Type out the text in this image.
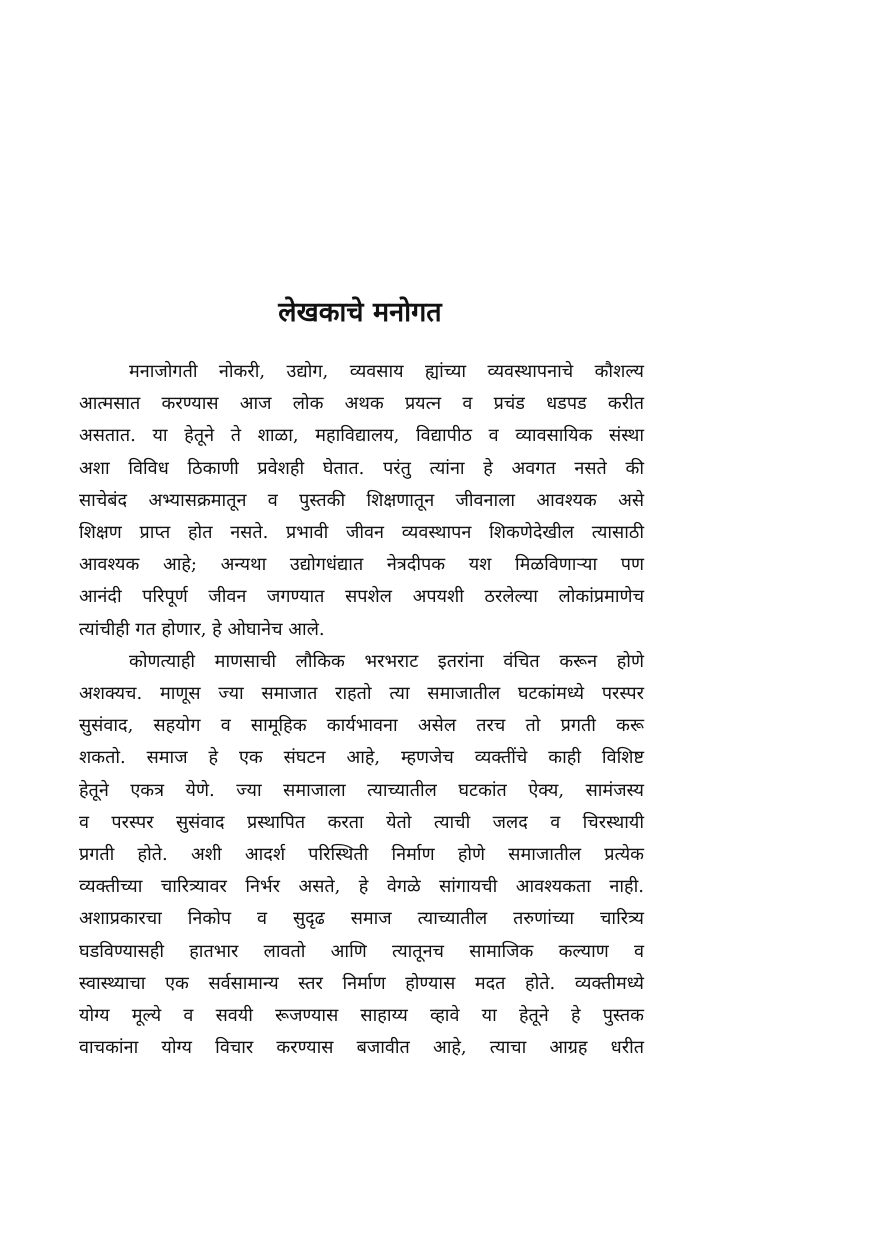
लेखकाचे मनोगत
मनाजोगती नोकरी, उद्योग, व्यवसाय ह्यांच्या व्यवस्थापनाचे कौशल्य
आत्मसात करण्यास आज लोक अथक प्रयत्न व प्रचंड धडपड करीत
असतात. या हेतूने ते शाळा, महाविद्यालय, विद्यापीठ व व्यावसायिक संस्था
अशा विविध ठिकाणी प्रवेशही घेतात. परंतु त्यांना हे अवगत नसते की
साचेबंद अभ्यासक्रमातून व पुस्तकी शिक्षणातून जीवनाला आवश्यक असे
शिक्षण प्राप्त होत नसते. प्रभावी जीवन व्यवस्थापन शिकणेदेखील त्यासाठी
आवश्यक आहे; अन्यथा उद्योगधंद्यात नेत्रदीपक यश मिळविणाऱ्या पण
आनंदी परिपूर्ण जीवन जगण्यात सपशेल अपयशी ठरलेल्या लोकांप्रमाणेच
त्यांचीही गत होणार, हे ओघानेच आले.
कोणत्याही माणसाची लौकिक भरभराट इतरांना वंचित करून होणे
अशक्यच. माणूस ज्या समाजात राहतो त्या समाजातील घटकांमध्ये परस्पर
सुसंवाद, सहयोग व सामूहिक कार्यभावना असेल तरच तो प्रगती करू
शकतो. समाज हे एक संघटन आहे, म्हणजेच व्यक्तींचे काही विशिष्ट
हेतूने एकत्र येणे. ज्या समाजाला त्याच्यातील घटकांत ऐक्य, सामंजस्य
व परस्पर सुसंवाद प्रस्थापित करता येतो त्याची जलद व चिरस्थायी
प्रगती होते. अशी आदर्श परिस्थिती निर्माण होणे समाजातील प्रत्येक
व्यक्तीच्या चारित्र्यावर निर्भर असते, हे वेगळे सांगायची आवश्यकता नाही.
अशाप्रकारचा निकोप व सुदृढ समाज त्याच्यातील तरुणांच्या चारित्र्य
घडविण्यासही हातभार लावतो आणि त्यातूनच सामाजिक कल्याण व
स्वास्थ्याचा एक सर्वसामान्य स्तर निर्माण होण्यास मदत होते. व्यक्तीमध्ये
योग्य मूल्ये व सवयी रूजण्यास साहाय्य व्हावे या हेतूने हे पुस्तक
वाचकांना योग्य विचार करण्यास बजावीत आहे, त्याचा आग्रह धरीत
